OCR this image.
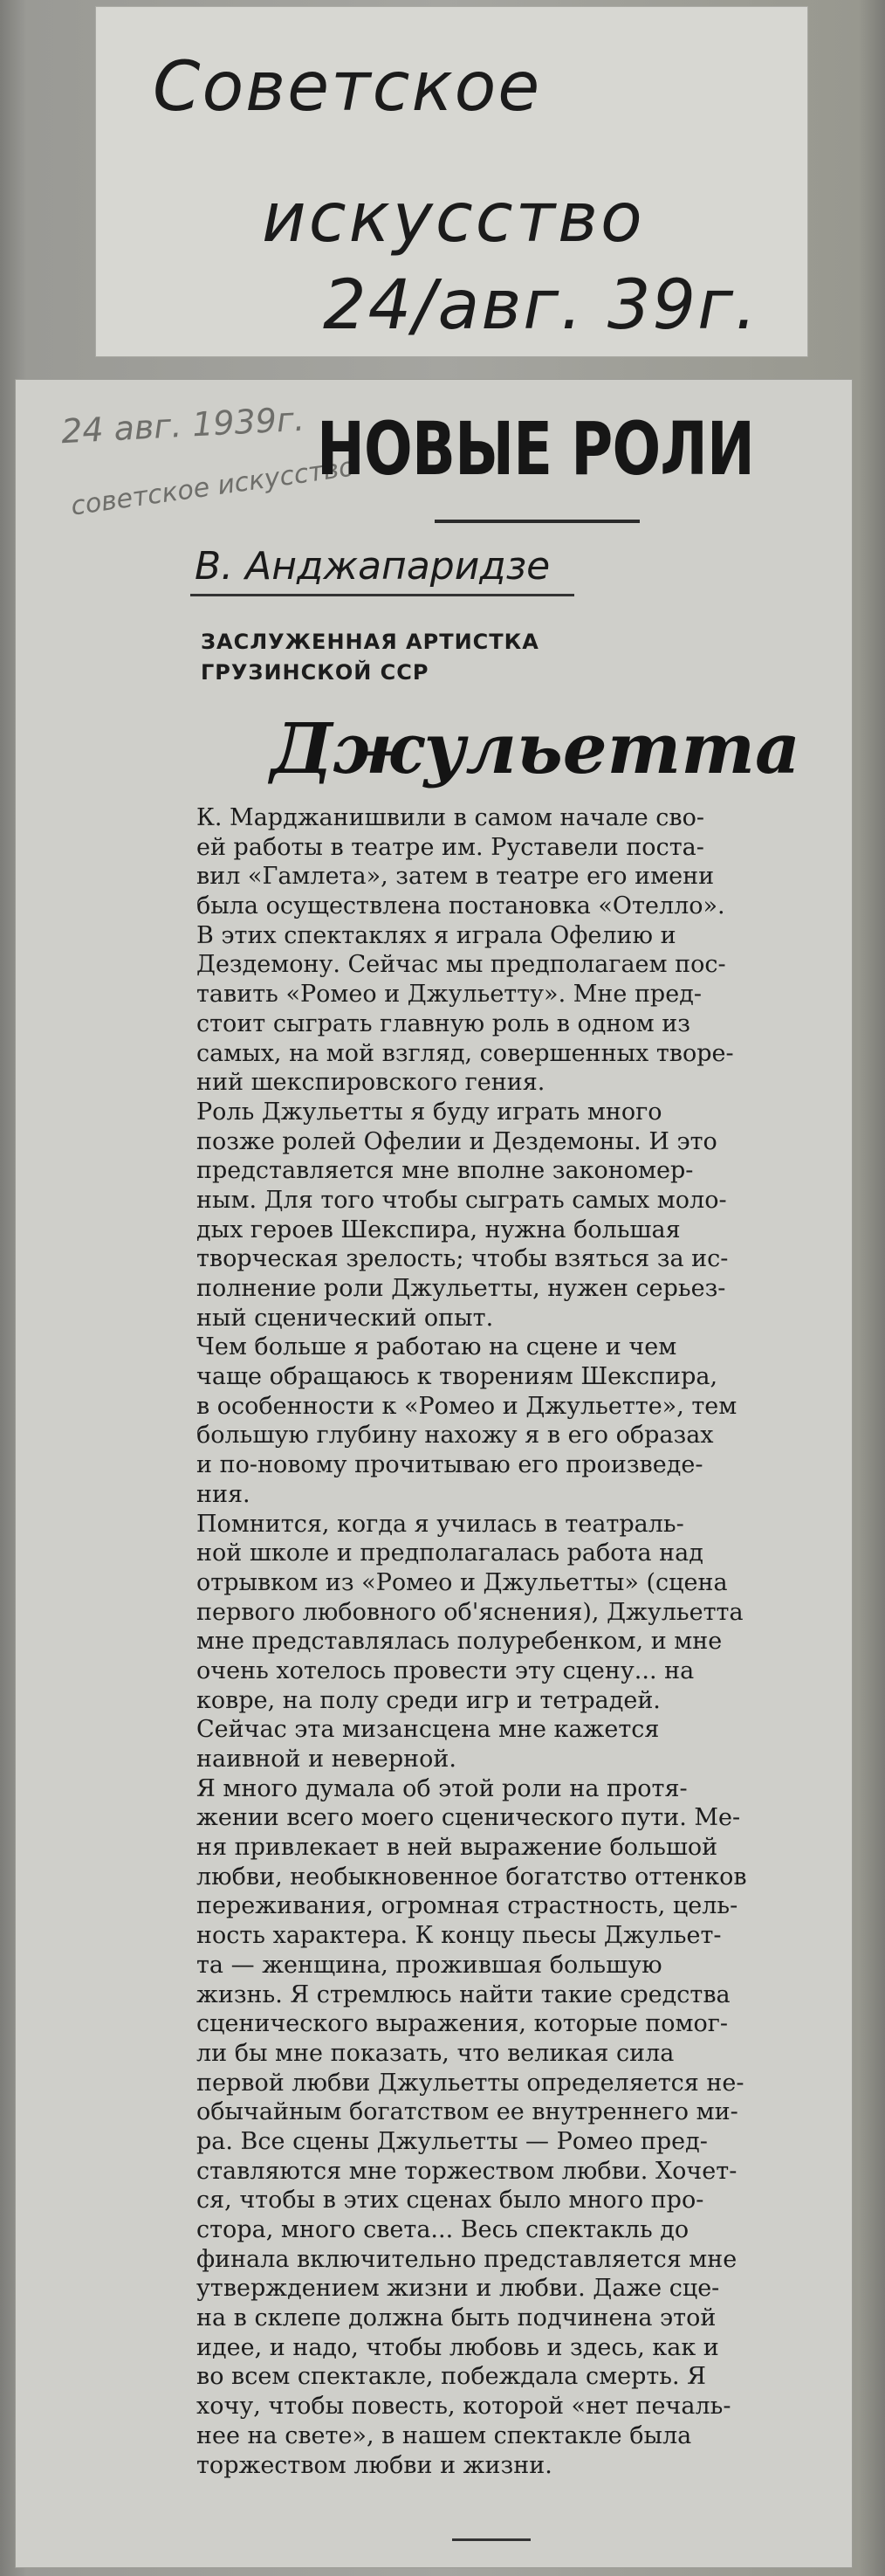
Советское
искусство
24/авг. 39г.
24 авг. 1939г.
советское искусство
НОВЫЕ РОЛИ
В. Анджапаридзе
ЗАСЛУЖЕННАЯ АРТИСТКА
ГРУЗИНСКОЙ ССР
Джульетта
К. Марджанишвили в самом начале сво-
ей работы в театре им. Руставели поста-
вил «Гамлета», затем в театре его имени
была осуществлена постановка «Отелло».
В этих спектаклях я играла Офелию и
Дездемону. Сейчас мы предполагаем пос-
тавить «Ромео и Джульетту». Мне пред-
стоит сыграть главную роль в одном из
самых, на мой взгляд, совершенных творе-
ний шекспировского гения.
Роль Джульетты я буду играть много
позже ролей Офелии и Дездемоны. И это
представляется мне вполне закономер-
ным. Для того чтобы сыграть самых моло-
дых героев Шекспира, нужна большая
творческая зрелость; чтобы взяться за ис-
полнение роли Джульетты, нужен серьез-
ный сценический опыт.
Чем больше я работаю на сцене и чем
чаще обращаюсь к творениям Шекспира,
в особенности к «Ромео и Джульетте», тем
большую глубину нахожу я в его образах
и по-новому прочитываю его произведе-
ния.
Помнится, когда я училась в театраль-
ной школе и предполагалась работа над
отрывком из «Ромео и Джульетты» (сцена
первого любовного об'яснения), Джульетта
мне представлялась полуребенком, и мне
очень хотелось провести эту сцену... на
ковре, на полу среди игр и тетрадей.
Сейчас эта мизансцена мне кажется
наивной и неверной.
Я много думала об этой роли на протя-
жении всего моего сценического пути. Ме-
ня привлекает в ней выражение большой
любви, необыкновенное богатство оттенков
переживания, огромная страстность, цель-
ность характера. К концу пьесы Джульет-
та — женщина, прожившая большую
жизнь. Я стремлюсь найти такие средства
сценического выражения, которые помог-
ли бы мне показать, что великая сила
первой любви Джульетты определяется не-
обычайным богатством ее внутреннего ми-
ра. Все сцены Джульетты — Ромео пред-
ставляются мне торжеством любви. Хочет-
ся, чтобы в этих сценах было много про-
стора, много света... Весь спектакль до
финала включительно представляется мне
утверждением жизни и любви. Даже сце-
на в склепе должна быть подчинена этой
идее, и надо, чтобы любовь и здесь, как и
во всем спектакле, побеждала смерть. Я
хочу, чтобы повесть, которой «нет печаль-
нее на свете», в нашем спектакле была
торжеством любви и жизни.
